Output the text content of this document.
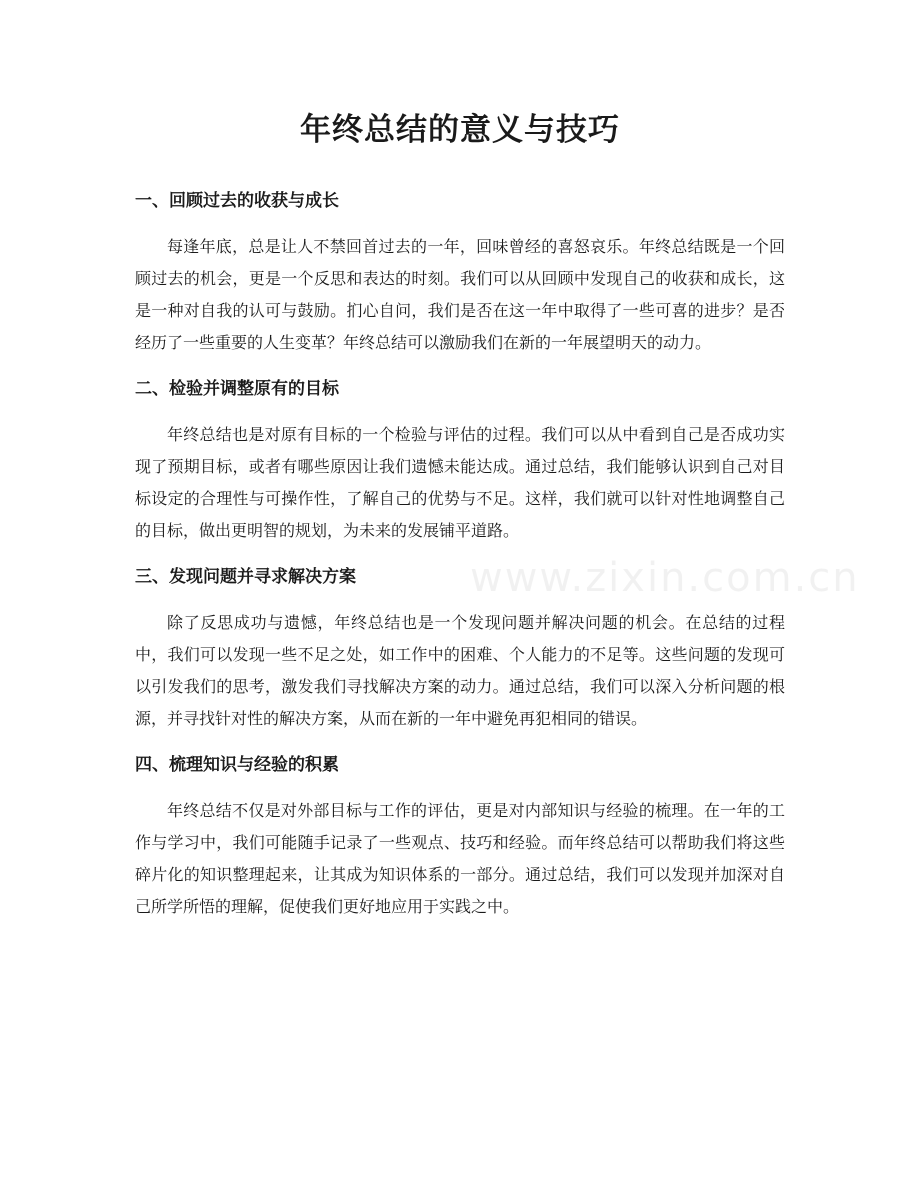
年终总结的意义与技巧
一、回顾过去的收获与成长

每逢年底，总是让人不禁回首过去的一年，回味曾经的喜怒哀乐。年终总结既是一个回顾过去的机会，更是一个反思和表达的时刻。我们可以从回顾中发现自己的收获和成长，这是一种对自我的认可与鼓励。扪心自问，我们是否在这一年中取得了一些可喜的进步？是否经历了一些重要的人生变革？年终总结可以激励我们在新的一年展望明天的动力。

二、检验并调整原有的目标

年终总结也是对原有目标的一个检验与评估的过程。我们可以从中看到自己是否成功实现了预期目标，或者有哪些原因让我们遗憾未能达成。通过总结，我们能够认识到自己对目标设定的合理性与可操作性，了解自己的优势与不足。这样，我们就可以针对性地调整自己的目标，做出更明智的规划，为未来的发展铺平道路。

三、发现问题并寻求解决方案

除了反思成功与遗憾，年终总结也是一个发现问题并解决问题的机会。在总结的过程中，我们可以发现一些不足之处，如工作中的困难、个人能力的不足等。这些问题的发现可以引发我们的思考，激发我们寻找解决方案的动力。通过总结，我们可以深入分析问题的根源，并寻找针对性的解决方案，从而在新的一年中避免再犯相同的错误。

四、梳理知识与经验的积累

年终总结不仅是对外部目标与工作的评估，更是对内部知识与经验的梳理。在一年的工作与学习中，我们可能随手记录了一些观点、技巧和经验。而年终总结可以帮助我们将这些碎片化的知识整理起来，让其成为知识体系的一部分。通过总结，我们可以发现并加深对自己所学所悟的理解，促使我们更好地应用于实践之中。

www.zixin.com.cn
